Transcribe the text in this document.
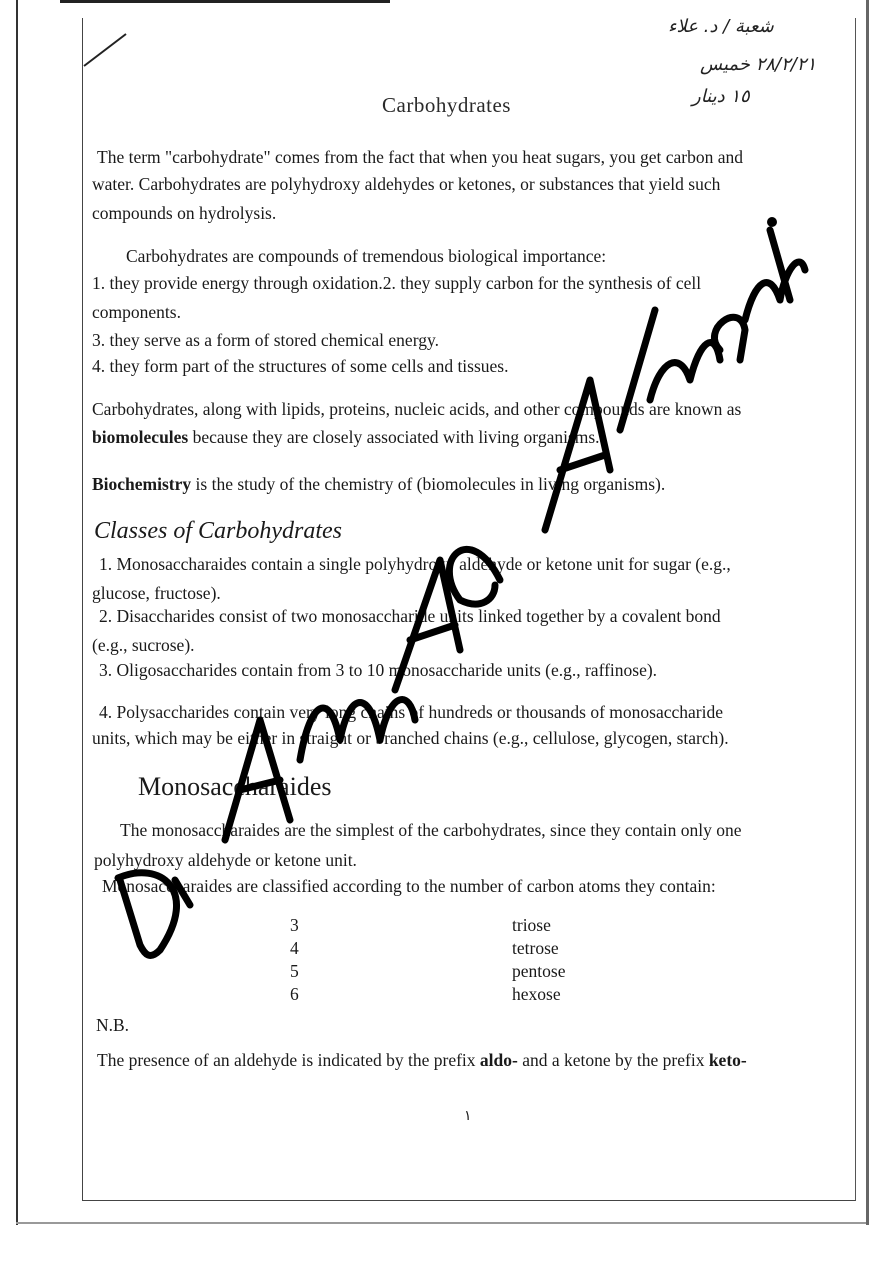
شعبة / د. علاء
٢٨/٢/٢١ خميس
١٥ دينار
Carbohydrates
The term "carbohydrate" comes from the fact that when you heat sugars, you get carbon and
water. Carbohydrates are polyhydroxy aldehydes or ketones, or substances that yield such
compounds on hydrolysis.
Carbohydrates are compounds of tremendous biological importance:
1. they provide energy through oxidation.2. they supply carbon for the synthesis of cell
components.
3. they serve as a form of stored chemical energy.
4. they form part of the structures of some cells and tissues.
Carbohydrates, along with lipids, proteins, nucleic acids, and other compounds are known as
biomolecules because they are closely associated with living organisms.
Biochemistry is the study of the chemistry of (biomolecules in living organisms).
Classes of Carbohydrates
1. Monosaccharaides contain a single polyhydroxy aldehyde or ketone unit for sugar (e.g.,
glucose, fructose).
2. Disaccharides consist of two monosaccharide units linked together by a covalent bond
(e.g., sucrose).
3. Oligosaccharides contain from 3 to 10 monosaccharide units (e.g., raffinose).
4. Polysaccharides contain very long chains of hundreds or thousands of monosaccharide
units, which may be either in straight or branched chains (e.g., cellulose, glycogen, starch).
Monosaccharaides
The monosaccharaides are the simplest of the carbohydrates, since they contain only one
polyhydroxy aldehyde or ketone unit.
Monosaccharaides are classified according to the number of carbon atoms they contain:
3	triose
4	tetrose
5	pentose
6	hexose
N.B.
The presence of an aldehyde is indicated by the prefix aldo- and a ketone by the prefix keto-
١
